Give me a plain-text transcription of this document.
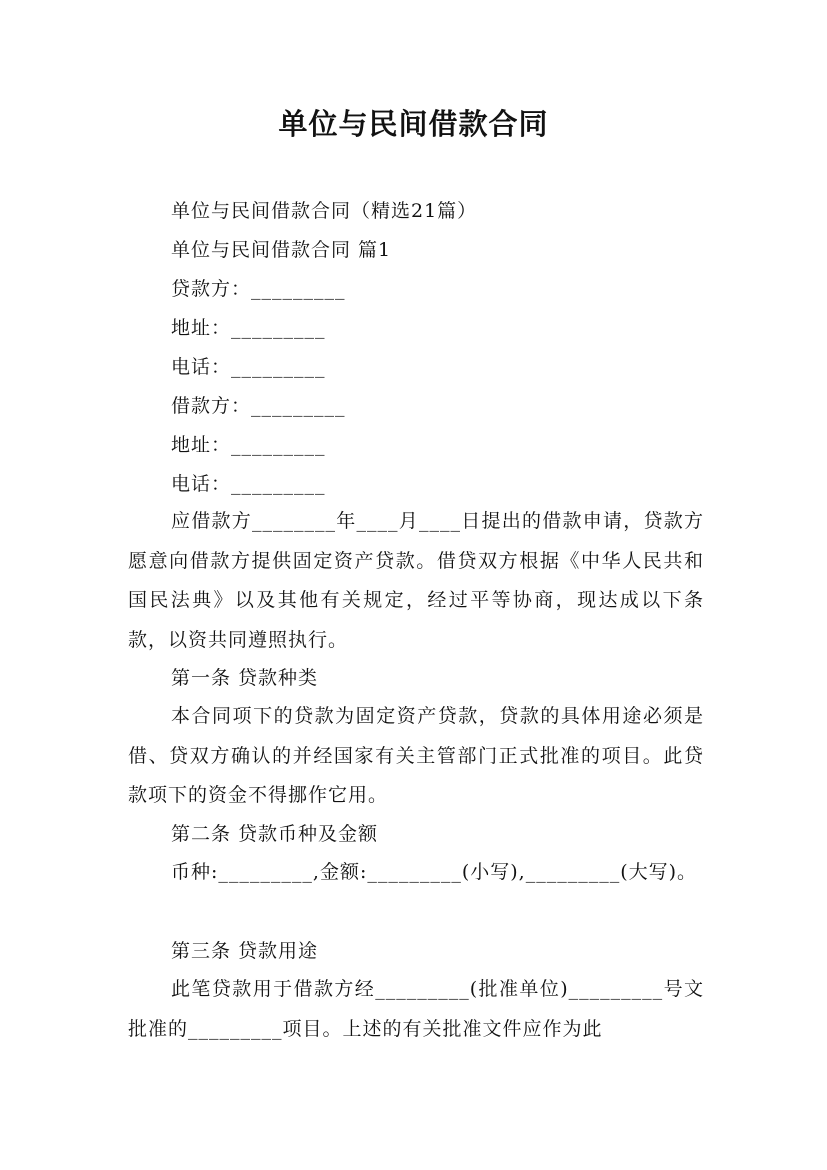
单位与民间借款合同
单位与民间借款合同（精选21篇）
单位与民间借款合同 篇1
贷款方：_________
地址：_________
电话：_________
借款方：_________
地址：_________
电话：_________
应借款方________年____月____日提出的借款申请，贷款方愿意向借款方提供固定资产贷款。借贷双方根据《中华人民共和国民法典》以及其他有关规定，经过平等协商，现达成以下条款，以资共同遵照执行。
第一条 贷款种类
本合同项下的贷款为固定资产贷款，贷款的具体用途必须是借、贷双方确认的并经国家有关主管部门正式批准的项目。此贷款项下的资金不得挪作它用。
第二条 贷款币种及金额
币种:_________,金额:_________(小写),_________(大写)。
第三条 贷款用途
此笔贷款用于借款方经_________(批准单位)_________号文批准的_________项目。上述的有关批准文件应作为此
